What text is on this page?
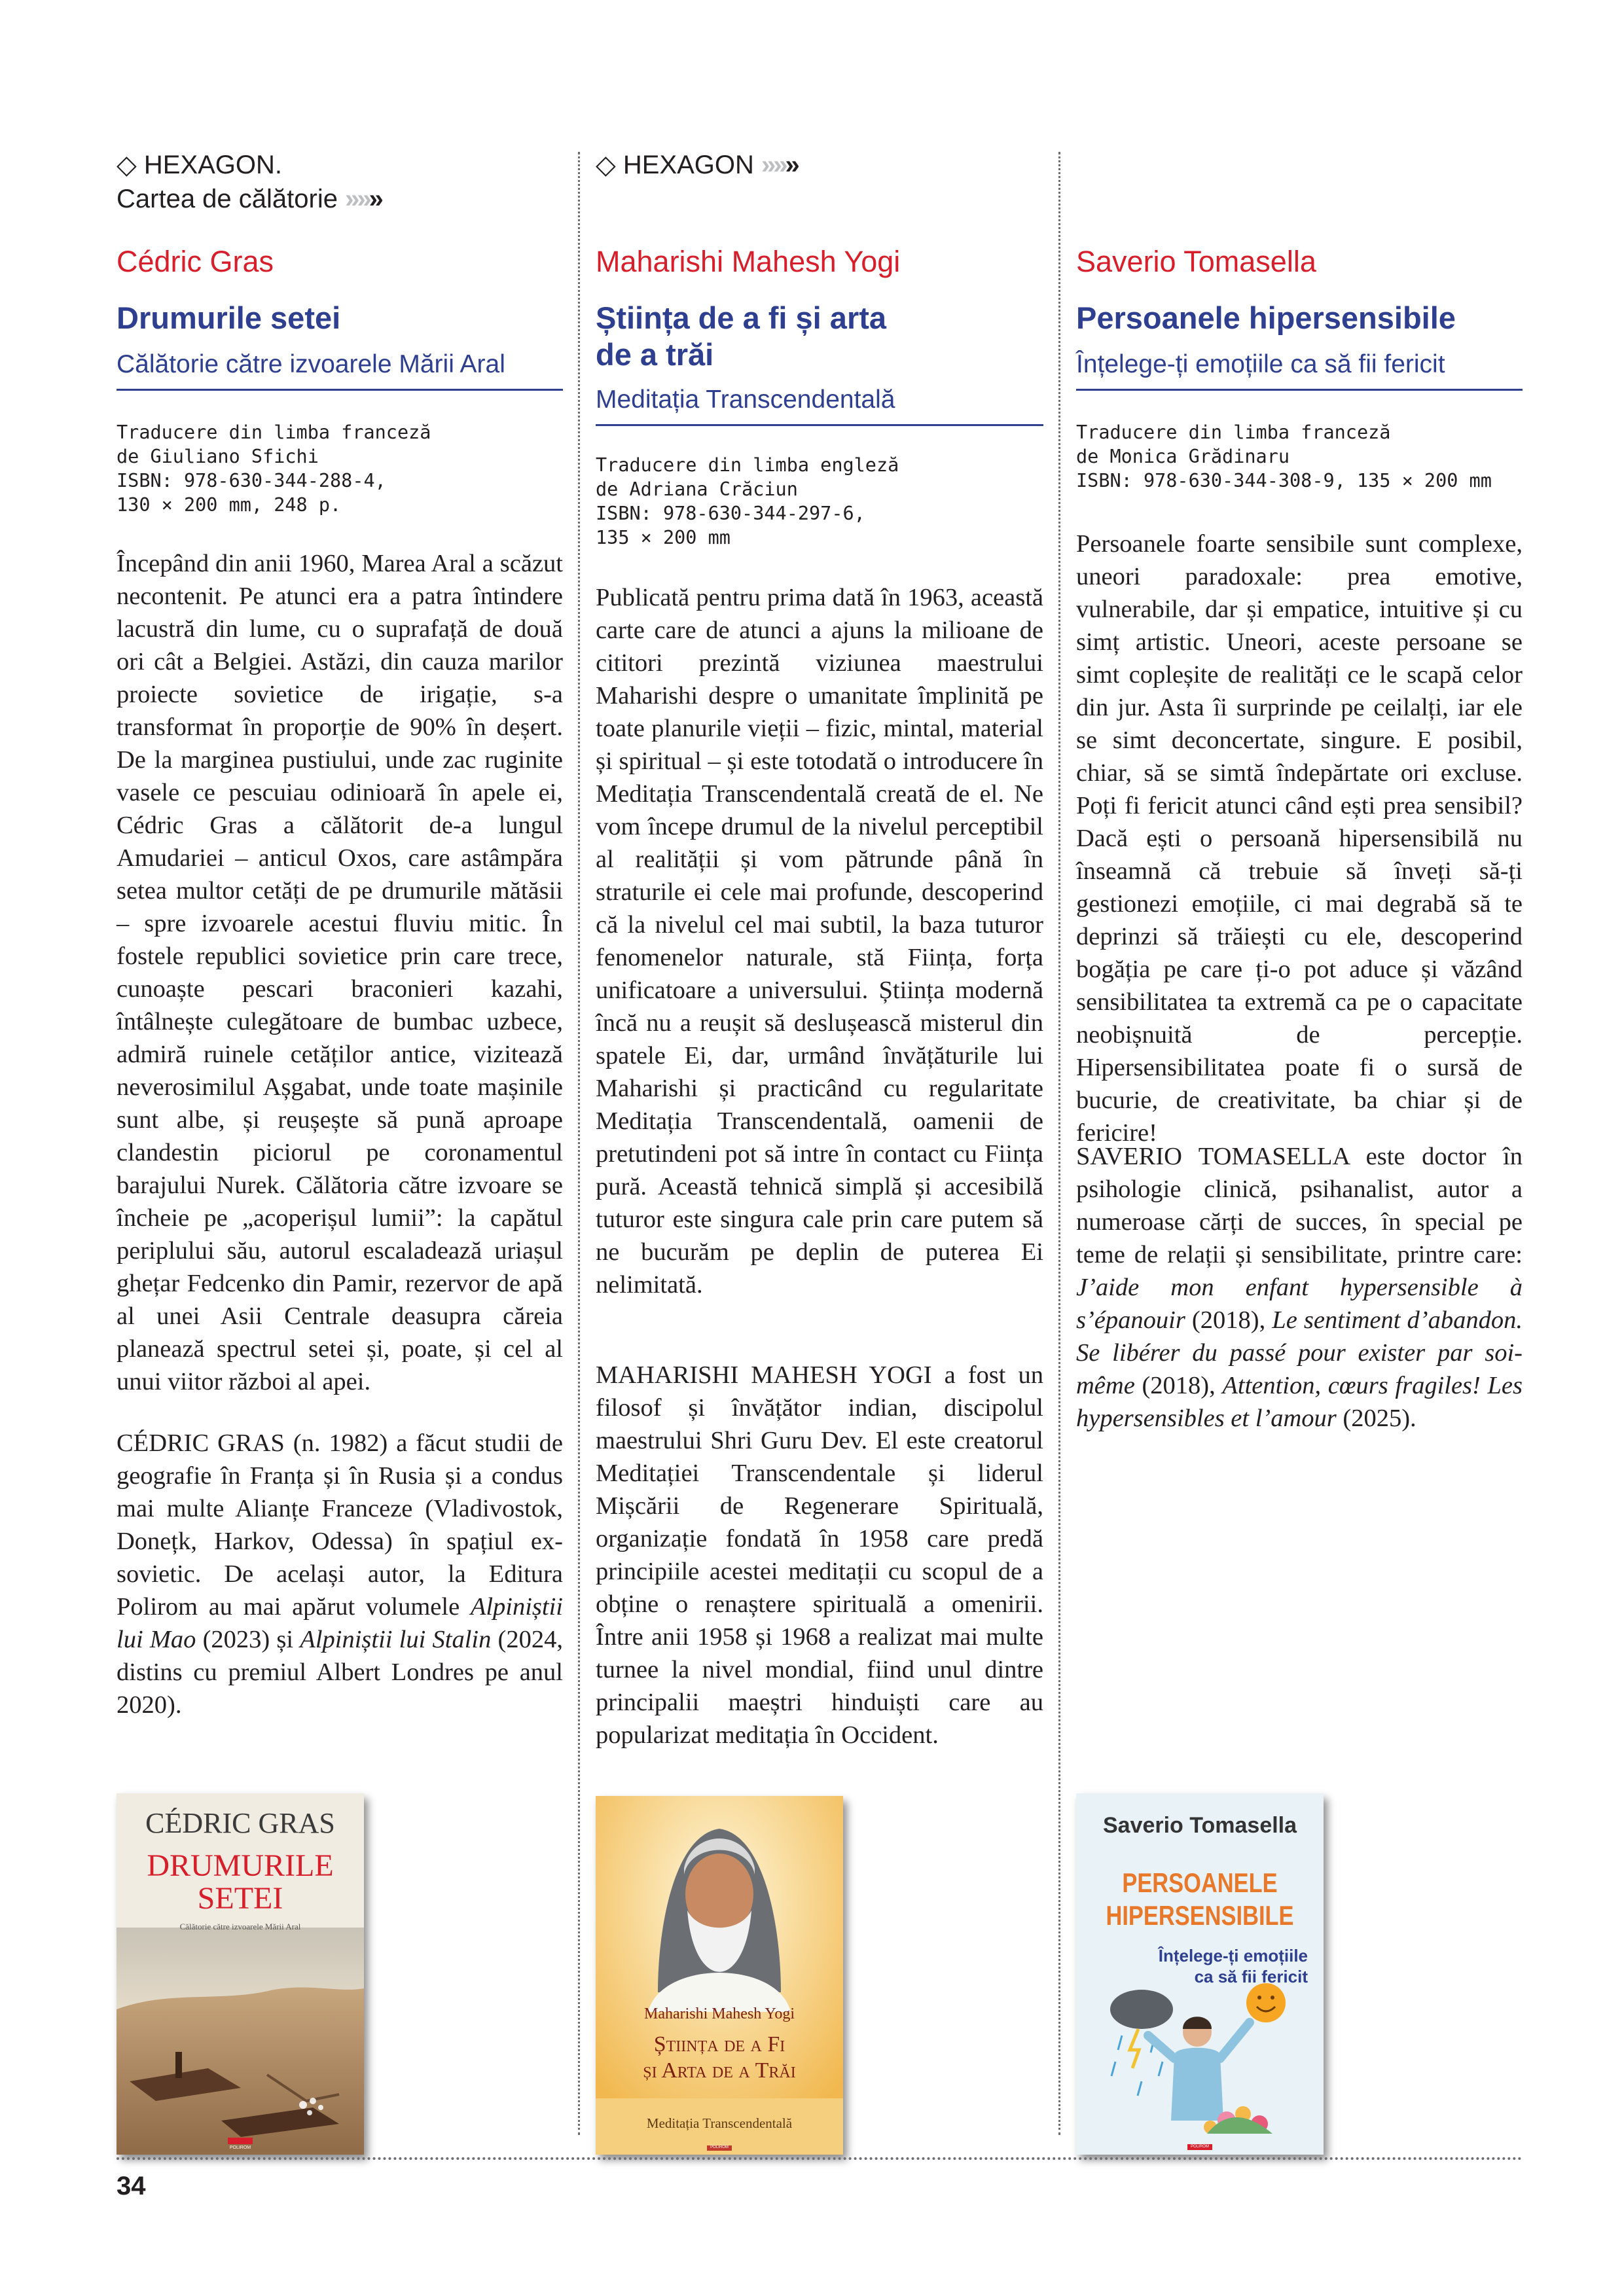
◇ HEXAGON.
Cartea de călătorie »»»
Cédric Gras
Drumurile setei
Călătorie către izvoarele Mării Aral
Traducere din limba franceză
de Giuliano Sfichi
ISBN: 978-630-344-288-4,
130 × 200 mm, 248 p.
Începând din anii 1960, Marea Aral a scăzut necontenit. Pe atunci era a patra întindere lacustră din lume, cu o suprafață de două ori cât a Belgiei. Astăzi, din cauza marilor proiecte sovietice de irigație, s-a transformat în proporție de 90% în deșert. De la marginea pustiului, unde zac ruginite vasele ce pescuiau odinioară în apele ei, Cédric Gras a călătorit de-a lungul Amudariei – anticul Oxos, care astâmpăra setea multor cetăți de pe drumurile mătăsii – spre izvoarele acestui fluviu mitic. În fostele republici sovietice prin care trece, cunoaște pescari braconieri kazahi, întâlnește culegătoare de bumbac uzbece, admiră ruinele cetăților antice, vizitează neverosimilul Așgabat, unde toate mașinile sunt albe, și reușește să pună aproape clandestin piciorul pe coronamentul barajului Nurek. Călătoria către izvoare se încheie pe „acoperișul lumii”: la capătul periplului său, autorul escaladează uriașul ghețar Fedcenko din Pamir, rezervor de apă al unei Asii Centrale deasupra căreia planează spectrul setei și, poate, și cel al unui viitor război al apei.
CÉDRIC GRAS (n. 1982) a făcut studii de geografie în Franța și în Rusia și a condus mai multe Alianțe Franceze (Vladivostok, Donețk, Harkov, Odessa) în spațiul ex-sovietic. De același autor, la Editura Polirom au mai apărut volumele Alpiniștii lui Mao (2023) și Alpiniștii lui Stalin (2024, distins cu premiul Albert Londres pe anul 2020).
CÉDRIC GRAS
DRUMURILE
SETEI
Călătorie către izvoarele Mării Aral
POLIROM
◇ HEXAGON »»»
Maharishi Mahesh Yogi
Știința de a fi și arta
de a trăi
Meditația Transcendentală
Traducere din limba engleză
de Adriana Crăciun
ISBN: 978-630-344-297-6,
135 × 200 mm
Publicată pentru prima dată în 1963, această carte care de atunci a ajuns la milioane de cititori prezintă viziunea maestrului Maharishi despre o umanitate împlinită pe toate planurile vieții – fizic, mintal, material și spiritual – și este totodată o introducere în Meditația Transcendentală creată de el. Ne vom începe drumul de la nivelul perceptibil al realității și vom pătrunde până în straturile ei cele mai profunde, descoperind că la nivelul cel mai subtil, la baza tuturor fenomenelor naturale, stă Ființa, forța unificatoare a universului. Știința modernă încă nu a reușit să deslușească misterul din spatele Ei, dar, urmând învățăturile lui Maharishi și practicând cu regularitate Meditația Transcendentală, oamenii de pretutindeni pot să intre în contact cu Ființa pură. Această tehnică simplă și accesibilă tuturor este singura cale prin care putem să ne bucurăm pe deplin de puterea Ei nelimitată.
MAHARISHI MAHESH YOGI a fost un filosof și învățător indian, discipolul maestrului Shri Guru Dev. El este creatorul Meditației Transcendentale și liderul Mișcării de Regenerare Spirituală, organizație fondată în 1958 care predă principiile acestei meditații cu scopul de a obține o renaștere spirituală a omenirii. Între anii 1958 și 1968 a realizat mai multe turnee la nivel mondial, fiind unul dintre principalii maeștri hinduiști care au popularizat meditația în Occident.
Maharishi Mahesh Yogi
Știința de a Fi
și Arta de a Trăi
Meditația Transcendentală
POLIROM
Saverio Tomasella
Persoanele hipersensibile
Înțelege-ți emoțiile ca să fii fericit
Traducere din limba franceză
de Monica Grădinaru
ISBN: 978-630-344-308-9, 135 × 200 mm
Persoanele foarte sensibile sunt complexe, uneori paradoxale: prea emotive, vulnerabile, dar și empatice, intuitive și cu simț artistic. Uneori, aceste persoane se simt copleșite de realități ce le scapă celor din jur. Asta îi surprinde pe ceilalți, iar ele se simt deconcertate, singure. E posibil, chiar, să se simtă îndepărtate ori excluse. Poți fi fericit atunci când ești prea sensibil? Dacă ești o persoană hipersensibilă nu înseamnă că trebuie să înveți să-ți gestionezi emoțiile, ci mai degrabă să te deprinzi să trăiești cu ele, descoperind bogăția pe care ți-o pot aduce și văzând sensibilitatea ta extremă ca pe o capacitate neobișnuită de percepție. Hipersensibilitatea poate fi o sursă de bucurie, de creativitate, ba chiar și de fericire!
SAVERIO TOMASELLA este doctor în psihologie clinică, psihanalist, autor a numeroase cărți de succes, în special pe teme de relații și sensibilitate, printre care: J’aide mon enfant hypersensible à s’épanouir (2018), Le sentiment d’abandon. Se libérer du passé pour exister par soi-même (2018), Attention, cœurs fragiles! Les hypersensibles et l’amour (2025).
Saverio Tomasella
PERSOANELE
HIPERSENSIBILE
Înțelege-ți emoțiile
ca să fii fericit
POLIROM
34
